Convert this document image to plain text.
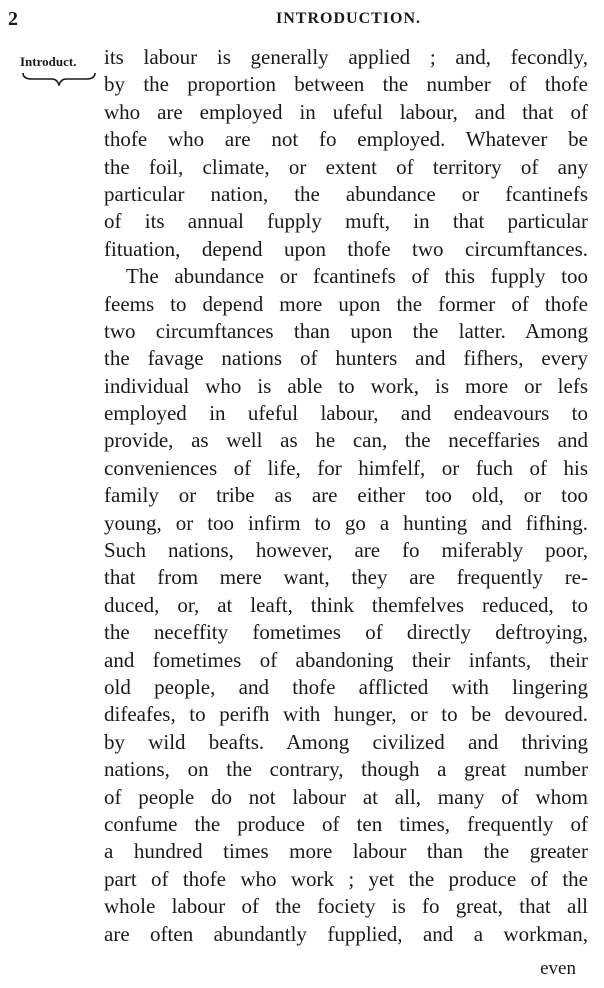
2	INTRODUCTION.
Introduct.	its labour is generally applied ; and, fecondly,
by the proportion between the number of thofe
who are employed in ufeful labour, and that of
thofe who are not fo employed. Whatever be
the foil, climate, or extent of territory of any
particular nation, the abundance or fcantinefs
of its annual fupply muft, in that particular
fituation, depend upon thofe two circumftances.
The abundance or fcantinefs of this fupply too
feems to depend more upon the former of thofe
two circumftances than upon the latter. Among
the favage nations of hunters and fifhers, every
individual who is able to work, is more or lefs
employed in ufeful labour, and endeavours to
provide, as well as he can, the neceffaries and
conveniences of life, for himfelf, or fuch of his
family or tribe as are either too old, or too
young, or too infirm to go a hunting and fifhing.
Such nations, however, are fo miferably poor,
that from mere want, they are frequently re-
duced, or, at leaft, think themfelves reduced, to
the neceffity fometimes of directly deftroying,
and fometimes of abandoning their infants, their
old people, and thofe afflicted with lingering
difeafes, to perifh with hunger, or to be devoured.
by wild beafts. Among civilized and thriving
nations, on the contrary, though a great number
of people do not labour at all, many of whom
confume the produce of ten times, frequently of
a hundred times more labour than the greater
part of thofe who work ; yet the produce of the
whole labour of the fociety is fo great, that all
are often abundantly fupplied, and a workman,
even
